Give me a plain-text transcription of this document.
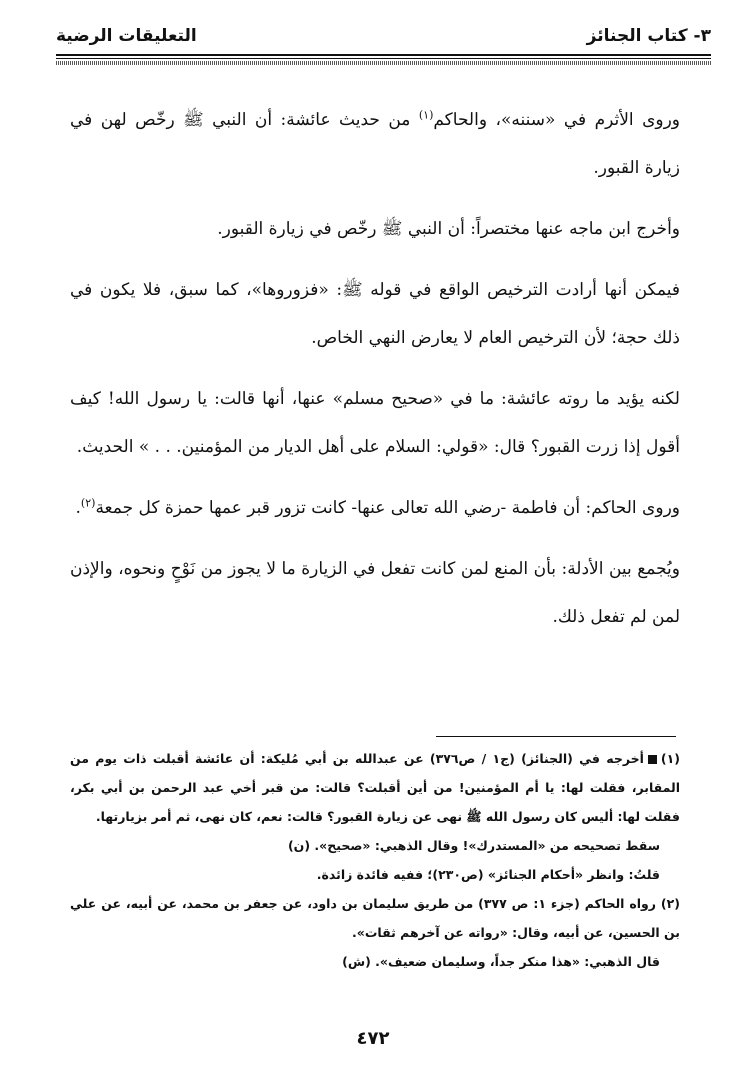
٣- كتاب الجنائز
التعليقات الرضية

وروى الأثرم في «سننه»، والحاكم$^{(١)}$ من حديث عائشة: أن النبي ﷺ رخّص لهن في زيارة القبور.

وأخرج ابن ماجه عنها مختصراً: أن النبي ﷺ رخّص في زيارة القبور.

فيمكن أنها أرادت الترخيص الواقع في قوله ﷺ: «فزوروها»، كما سبق، فلا يكون في ذلك حجة؛ لأن الترخيص العام لا يعارض النهي الخاص.

لكنه يؤيد ما روته عائشة: ما في «صحيح مسلم» عنها، أنها قالت: يا رسول الله! كيف أقول إذا زرت القبور؟ قال: «قولي: السلام على أهل الديار من المؤمنين. . . » الحديث.

وروى الحاكم: أن فاطمة -رضي الله تعالى عنها- كانت تزور قبر عمها حمزة كل جمعة$^{(٢)}$.

ويُجمع بين الأدلة: بأن المنع لمن كانت تفعل في الزيارة ما لا يجوز من نَوْحٍ ونحوه، والإذن لمن لم تفعل ذلك.

(١)أخرجه في (الجنائز) (ج١ / ص٣٧٦) عن عبدالله بن أبي مُليكة: أن عائشة أقبلت ذات يوم من المقابر، فقلت لها: يا أم المؤمنين! من أين أقبلت؟ قالت: من قبر أخي عبد الرحمن بن أبي بكر، فقلت لها: أليس كان رسول الله ﷺ نهى عن زيارة القبور؟ قالت: نعم، كان نهى، ثم أمر بزيارتها.

سقط تصحيحه من «المستدرك»! وقال الذهبي: «صحيح». (ن)

قلتُ: وانظر «أحكام الجنائز» (ص٢٣٠)؛ ففيه فائدة زائدة.

(٢) رواه الحاكم (جزء ١: ص ٣٧٧) من طريق سليمان بن داود، عن جعفر بن محمد، عن أبيه، عن علي بن الحسين، عن أبيه، وقال: «رواته عن آخرهم ثقات».

قال الذهبي: «هذا منكر جداً، وسليمان ضعيف». (ش)

٤٧٢
